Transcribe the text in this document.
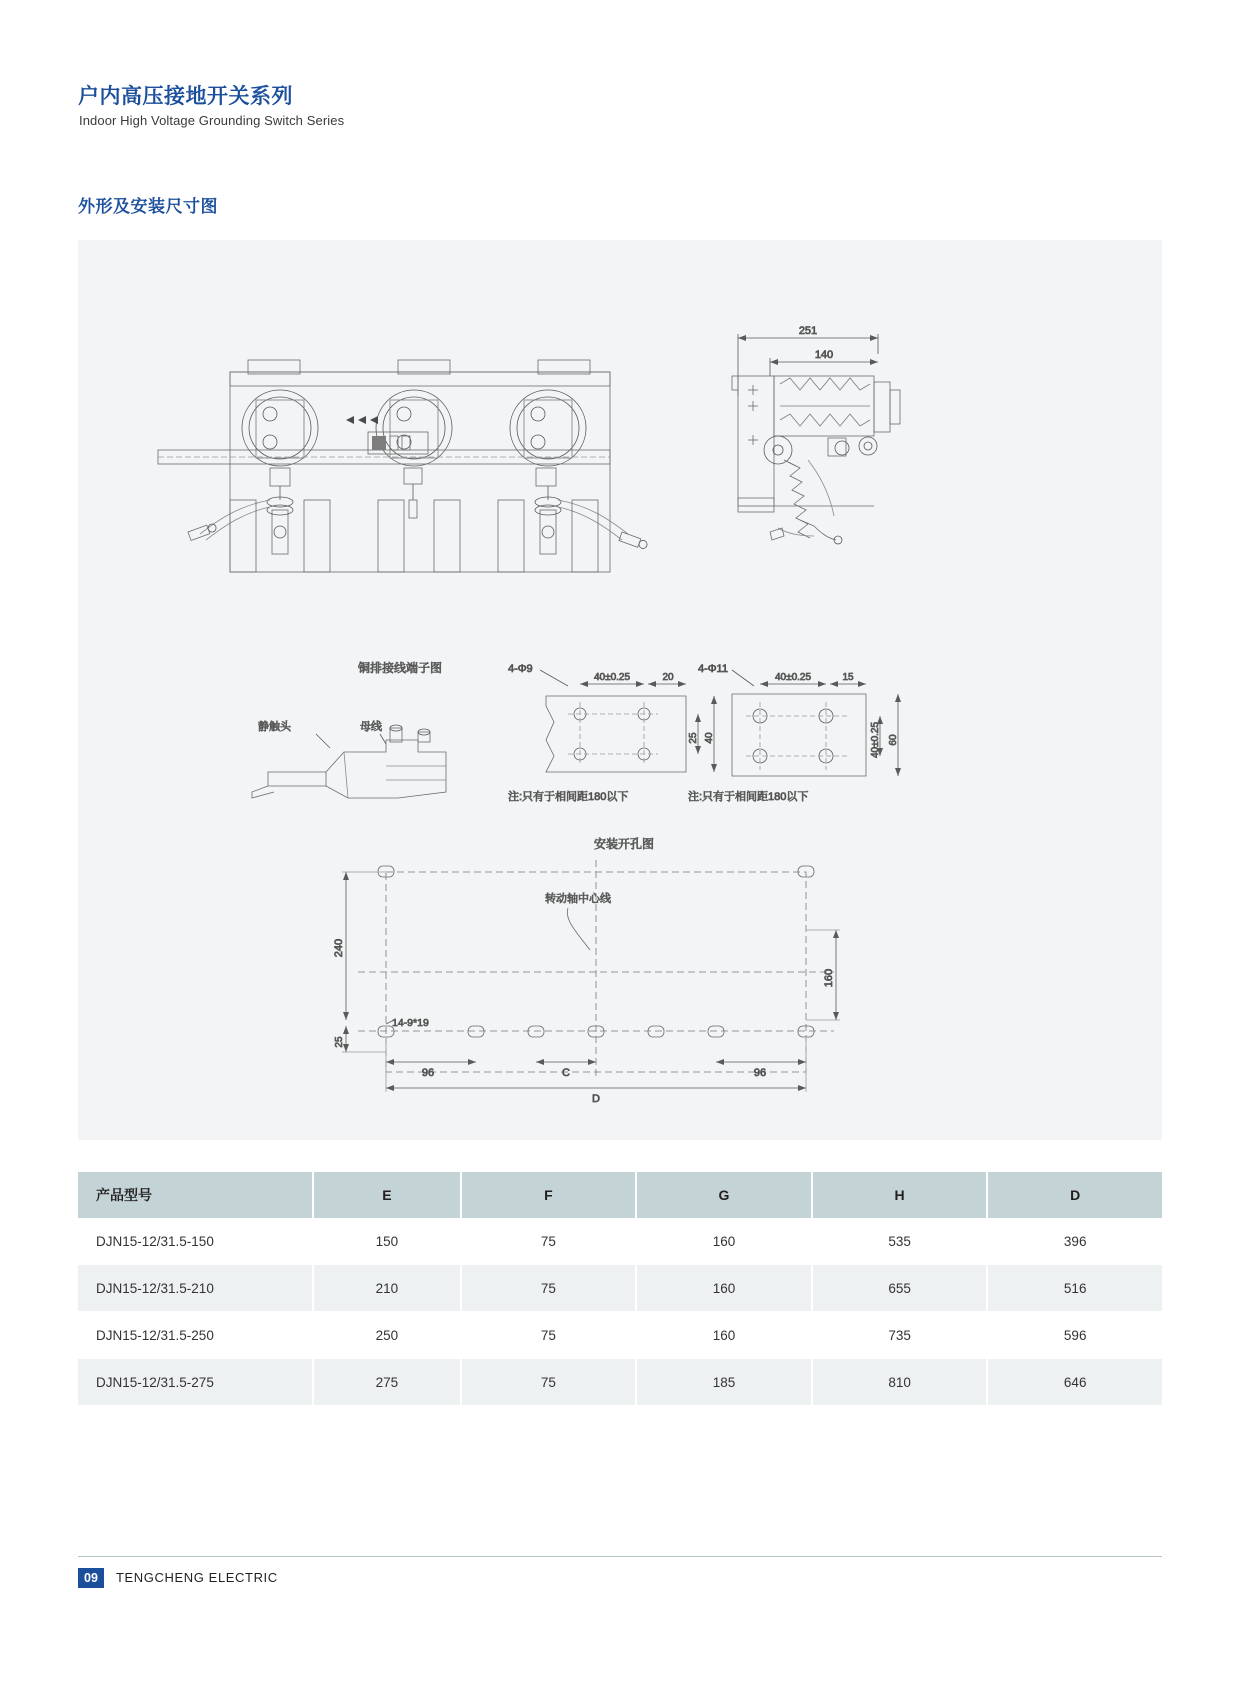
户内高压接地开关系列
Indoor High Voltage Grounding Switch Series
外形及安装尺寸图
251
140
铜排接线端子图
静触头	母线
4-Φ9
40±0.25	20
25 40
注:只有于相间距180以下
4-Φ11
40±0.25	15
40±0.25 60
注:只有于相间距180以下
安装开孔图
转动轴中心线
240
25
160
14-9*19
96	C	96
D
产品型号	E	F	G	H	D
DJN15-12/31.5-150	150	75	160	535	396
DJN15-12/31.5-210	210	75	160	655	516
DJN15-12/31.5-250	250	75	160	735	596
DJN15-12/31.5-275	275	75	185	810	646
09	TENGCHENG ELECTRIC
